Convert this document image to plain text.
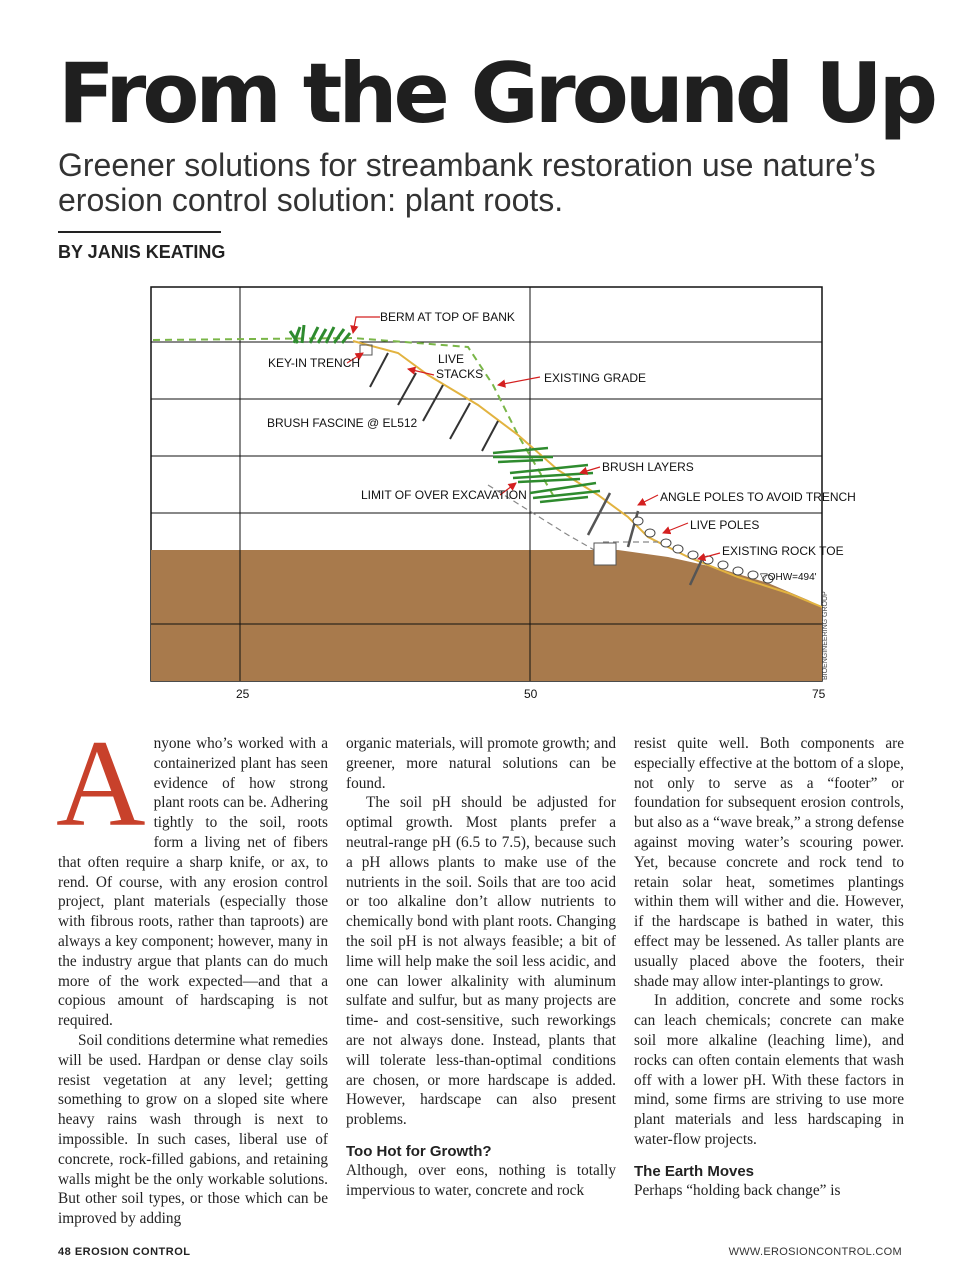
From the Ground Up
Greener solutions for streambank restoration use nature’s erosion control solution: plant roots.
BY JANIS KEATING
BERM AT TOP OF BANK
KEY-IN TRENCH	LIVE
STACKS	EXISTING GRADE
BRUSH FASCINE @ EL512
BRUSH LAYERS
LIMIT OF OVER EXCAVATION	ANGLE POLES TO AVOID TRENCH
LIVE POLES
EXISTING ROCK TOE
▽OHW=494'
25	50	75
BIOENGINEERING GROUP
A nyone who’s worked with a containerized plant has seen evidence of how strong plant roots can be. Adhering tightly to the soil, roots form a living net of fibers that often require a sharp knife, or ax, to rend. Of course, with any erosion control project, plant materials (especially those with fibrous roots, rather than taproots) are always a key component; however, many in the industry argue that plants can do much more of the work expected—and that a copious amount of hardscaping is not required.

Soil conditions determine what remedies will be used. Hardpan or dense clay soils resist vegetation at any level; getting something to grow on a sloped site where heavy rains wash through is next to impossible. In such cases, liberal use of concrete, rock-filled gabions, and retaining walls might be the only workable solutions. But other soil types, or those which can be improved by adding

organic materials, will promote growth; and greener, more natural solutions can be found.

The soil pH should be adjusted for optimal growth. Most plants prefer a neutral-range pH (6.5 to 7.5), because such a pH allows plants to make use of the nutrients in the soil. Soils that are too acid or too alkaline don’t allow nutrients to chemically bond with plant roots. Changing the soil pH is not always feasible; a bit of lime will help make the soil less acidic, and one can lower alkalinity with aluminum sulfate and sulfur, but as many projects are time- and cost-sensitive, such reworkings are not always done. Instead, plants that will tolerate less-than-optimal conditions are chosen, or more hardscape is added. However, hardscape can also present problems.

Too Hot for Growth?

Although, over eons, nothing is totally impervious to water, concrete and rock

resist quite well. Both components are especially effective at the bottom of a slope, not only to serve as a “footer” or foundation for subsequent erosion controls, but also as a “wave break,” a strong defense against moving water’s scouring power. Yet, because concrete and rock tend to retain solar heat, sometimes plantings within them will wither and die. However, if the hardscape is bathed in water, this effect may be lessened. As taller plants are usually placed above the footers, their shade may allow inter-plantings to grow.

In addition, concrete and some rocks can leach chemicals; concrete can make soil more alkaline (leaching lime), and rocks can often contain elements that wash off with a lower pH. With these factors in mind, some firms are striving to use more plant materials and less hardscaping in water-flow projects.

The Earth Moves

Perhaps “holding back change” is

48 EROSION CONTROL	WWW.EROSIONCONTROL.COM
